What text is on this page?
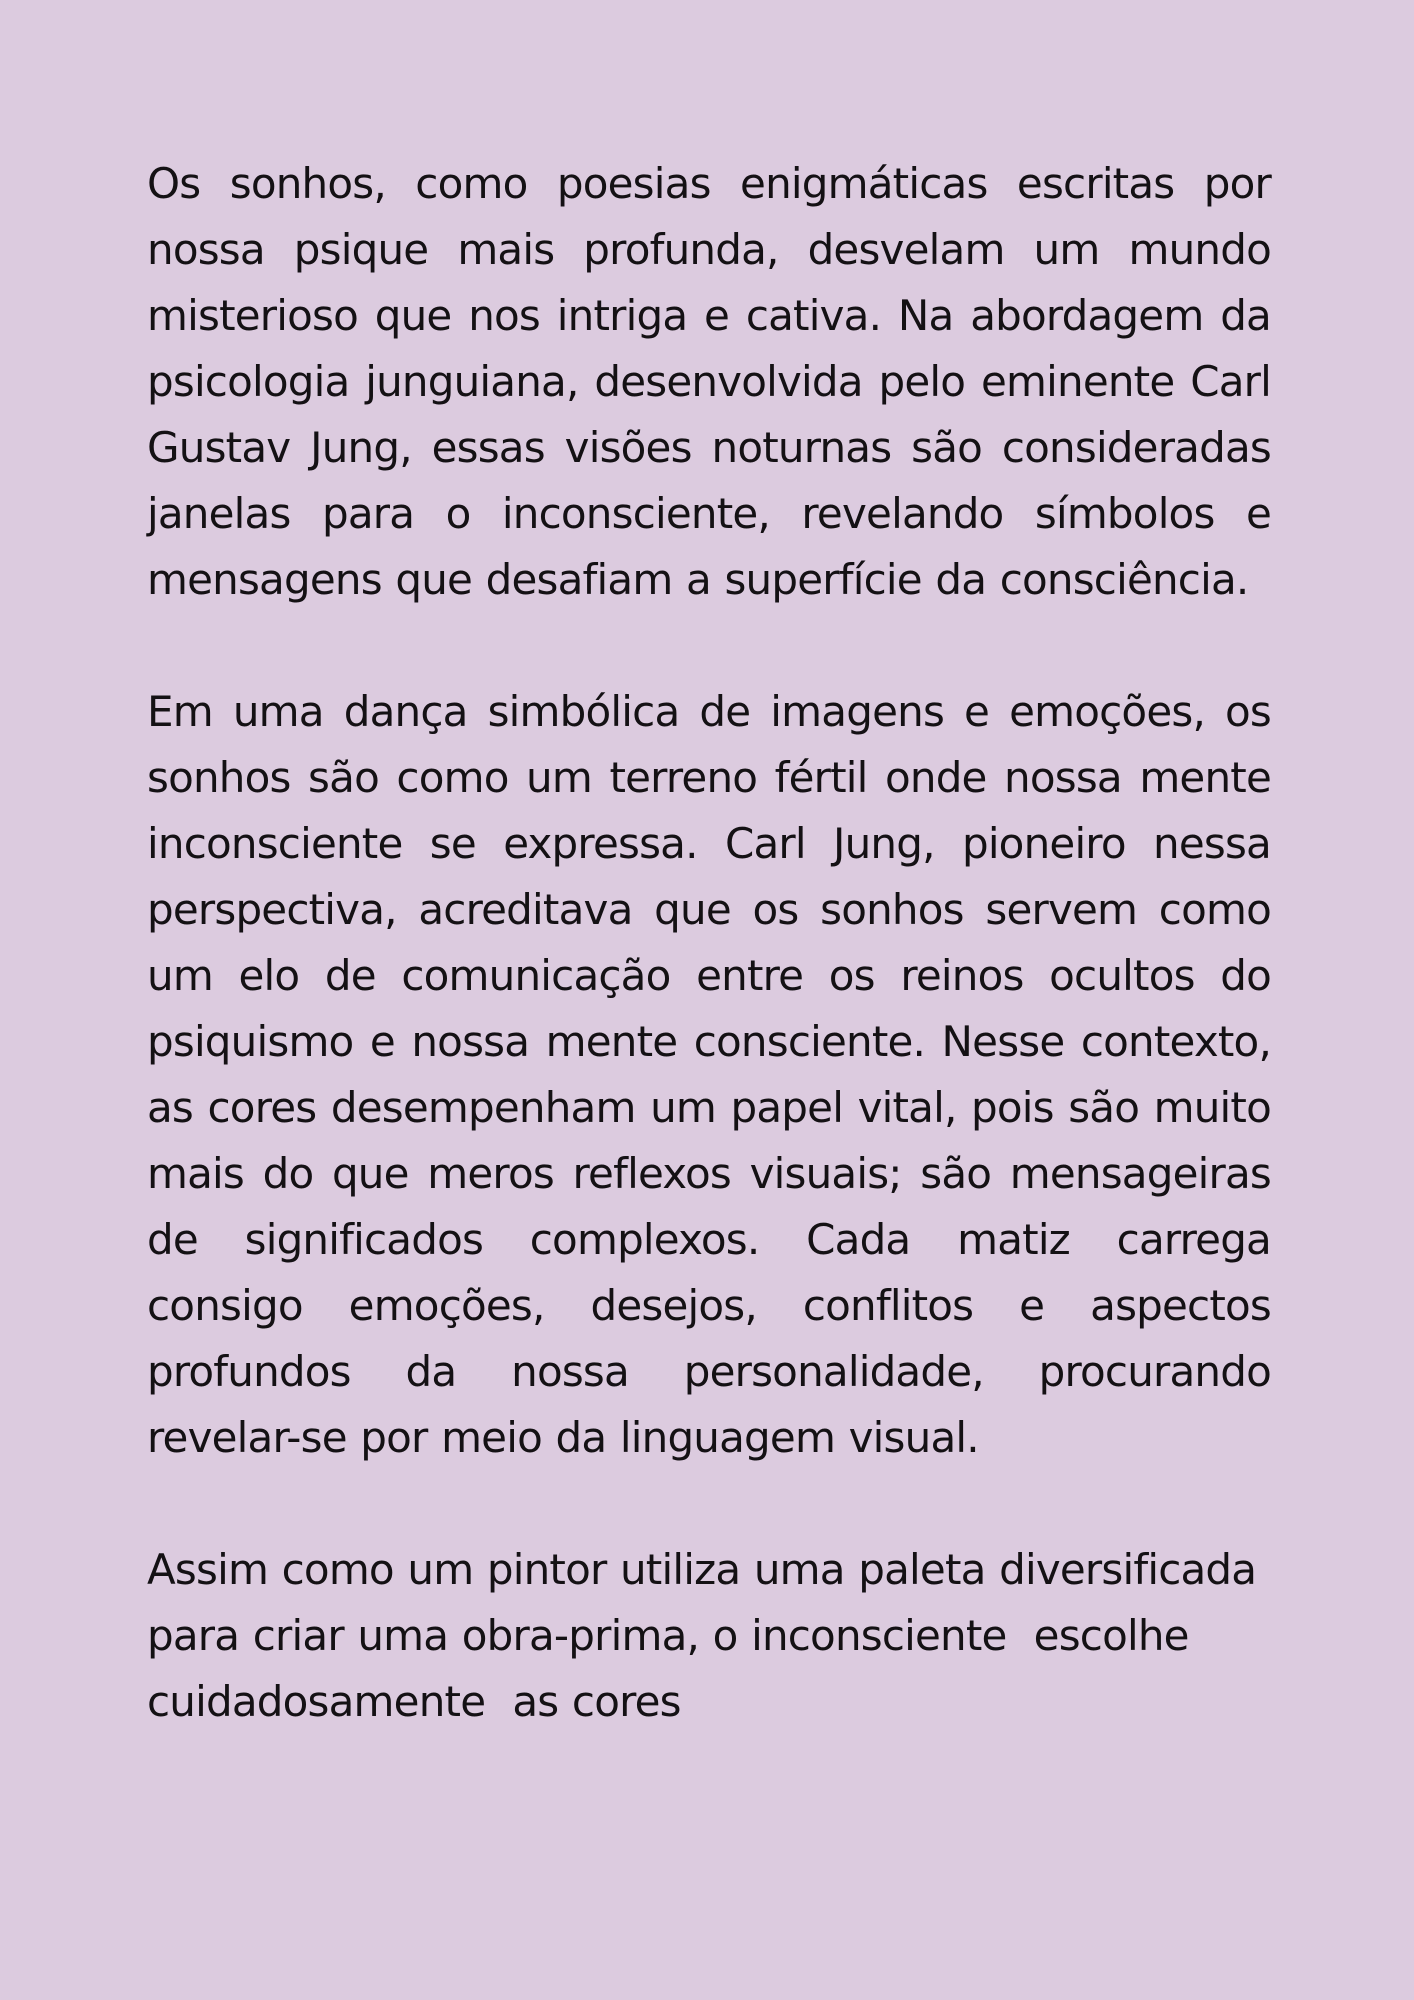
Os sonhos, como poesias enigmáticas escritas por nossa psique mais profunda, desvelam um mundo misterioso que nos intriga e cativa. Na abordagem da psicologia junguiana, desenvolvida pelo eminente Carl Gustav Jung, essas visões noturnas são consideradas janelas para o inconsciente, revelando símbolos e mensagens que desafiam a superfície da consciência.

Em uma dança simbólica de imagens e emoções, os sonhos são como um terreno fértil onde nossa mente inconsciente se expressa. Carl Jung, pioneiro nessa perspectiva, acreditava que os sonhos servem como um elo de comunicação entre os reinos ocultos do psiquismo e nossa mente consciente. Nesse contexto, as cores desempenham um papel vital, pois são muito mais do que meros reflexos visuais; são mensageiras de significados complexos. Cada matiz carrega consigo emoções, desejos, conflitos e aspectos profundos da nossa personalidade, procurando revelar-se por meio da linguagem visual.

Assim como um pintor utiliza uma paleta diversificada para criar uma obra-prima, o inconsciente  escolhe cuidadosamente  as cores
